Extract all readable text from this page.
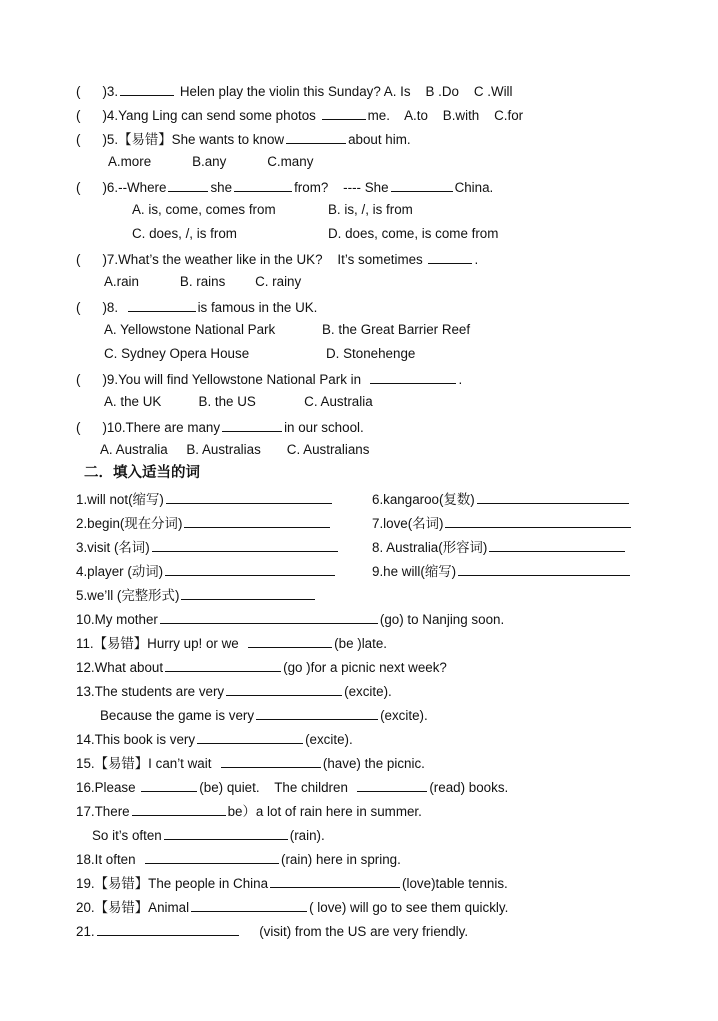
( )3.	Helen play the violin this Sunday? A. Is    B .Do    C .Will
( )4.Yang Ling can send some photos	me.    A.to    B.with    C.for
( )5.【易错】She wants to know	about him.
A.more           B.any           C.many
( )6.--Where	she	from?    ---- She	China.
A. is, come, comes from	B. is, /, is from
C. does, /, is from	D. does, come, is come from
( )7.What’s the weather like in the UK?    It’s sometimes	.
A.rain           B. rains        C. rainy
( )8.	is famous in the UK.
A. Yellowstone National Park	B. the Great Barrier Reef
C. Sydney Opera House	D. Stonehenge
( )9.You will find Yellowstone National Park in	.
A. the UK          B. the US             C. Australia
( )10.There are many	in our school.
A. Australia     B. Australias       C. Australians
二．填入适当的词
1.will not(缩写)	6.kangaroo(复数)
2.begin(现在分词)	7.love(名词)
3.visit (名词)	8. Australia(形容词)
4.player (动词)	9.he will(缩写)
5.we’ll (完整形式)
10.My mother	(go) to Nanjing soon.
11.【易错】Hurry up! or we	(be )late.
12.What about	(go )for a picnic next week?
13.The students are very	(excite).
Because the game is very	(excite).
14.This book is very	(excite).
15.【易错】I can’t wait	(have) the picnic.
16.Please	(be) quiet.    The children	(read) books.
17.There	be）a lot of rain here in summer.
So it’s often	(rain).
18.It often	(rain) here in spring.
19.【易错】The people in China	(love)table tennis.
20.【易错】Animal	( love) will go to see them quickly.
21.	(visit) from the US are very friendly.
